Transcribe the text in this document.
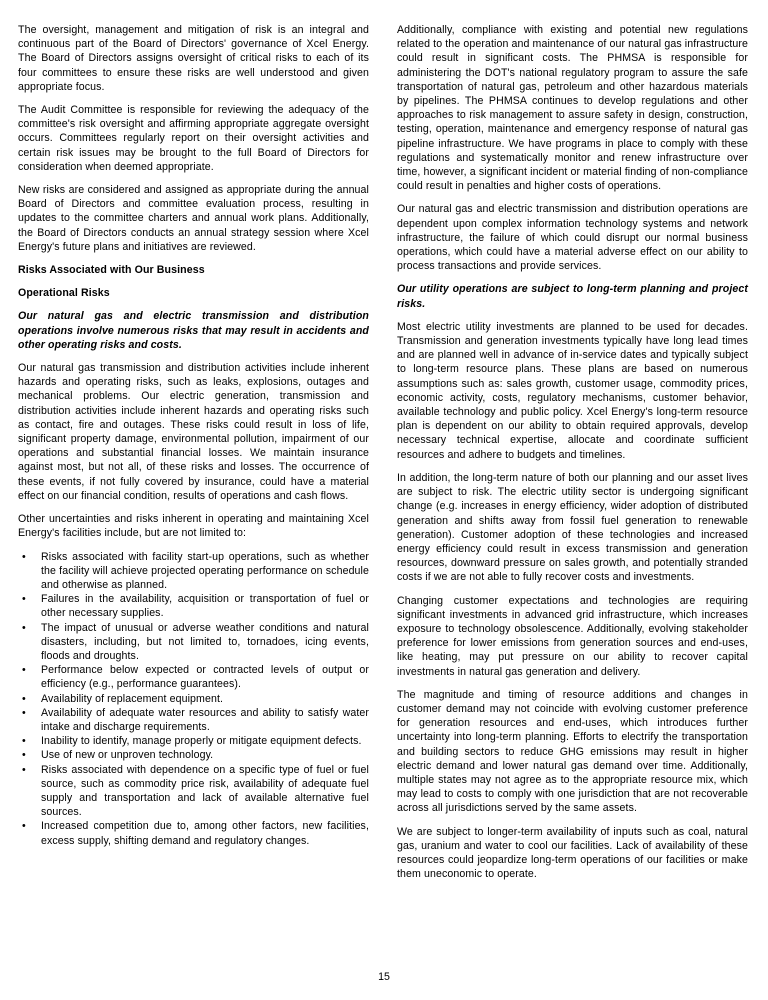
The oversight, management and mitigation of risk is an integral and continuous part of the Board of Directors' governance of Xcel Energy. The Board of Directors assigns oversight of critical risks to each of its four committees to ensure these risks are well understood and given appropriate focus.

The Audit Committee is responsible for reviewing the adequacy of the committee's risk oversight and affirming appropriate aggregate oversight occurs. Committees regularly report on their oversight activities and certain risk issues may be brought to the full Board of Directors for consideration when deemed appropriate.

New risks are considered and assigned as appropriate during the annual Board of Directors and committee evaluation process, resulting in updates to the committee charters and annual work plans. Additionally, the Board of Directors conducts an annual strategy session where Xcel Energy's future plans and initiatives are reviewed.

Risks Associated with Our Business

Operational Risks

Our natural gas and electric transmission and distribution operations involve numerous risks that may result in accidents and other operating risks and costs.

Our natural gas transmission and distribution activities include inherent hazards and operating risks, such as leaks, explosions, outages and mechanical problems. Our electric generation, transmission and distribution activities include inherent hazards and operating risks such as contact, fire and outages. These risks could result in loss of life, significant property damage, environmental pollution, impairment of our operations and substantial financial losses. We maintain insurance against most, but not all, of these risks and losses. The occurrence of these events, if not fully covered by insurance, could have a material effect on our financial condition, results of operations and cash flows.

Other uncertainties and risks inherent in operating and maintaining Xcel Energy's facilities include, but are not limited to:

• Risks associated with facility start-up operations, such as whether the facility will achieve projected operating performance on schedule and otherwise as planned.
• Failures in the availability, acquisition or transportation of fuel or other necessary supplies.
• The impact of unusual or adverse weather conditions and natural disasters, including, but not limited to, tornadoes, icing events, floods and droughts.
• Performance below expected or contracted levels of output or efficiency (e.g., performance guarantees).
• Availability of replacement equipment.
• Availability of adequate water resources and ability to satisfy water intake and discharge requirements.
• Inability to identify, manage properly or mitigate equipment defects.
• Use of new or unproven technology.
• Risks associated with dependence on a specific type of fuel or fuel source, such as commodity price risk, availability of adequate fuel supply and transportation and lack of available alternative fuel sources.
• Increased competition due to, among other factors, new facilities, excess supply, shifting demand and regulatory changes.

Additionally, compliance with existing and potential new regulations related to the operation and maintenance of our natural gas infrastructure could result in significant costs. The PHMSA is responsible for administering the DOT's national regulatory program to assure the safe transportation of natural gas, petroleum and other hazardous materials by pipelines. The PHMSA continues to develop regulations and other approaches to risk management to assure safety in design, construction, testing, operation, maintenance and emergency response of natural gas pipeline infrastructure. We have programs in place to comply with these regulations and systematically monitor and renew infrastructure over time, however, a significant incident or material finding of non-compliance could result in penalties and higher costs of operations.

Our natural gas and electric transmission and distribution operations are dependent upon complex information technology systems and network infrastructure, the failure of which could disrupt our normal business operations, which could have a material adverse effect on our ability to process transactions and provide services.

Our utility operations are subject to long-term planning and project risks.

Most electric utility investments are planned to be used for decades. Transmission and generation investments typically have long lead times and are planned well in advance of in-service dates and typically subject to long-term resource plans. These plans are based on numerous assumptions such as: sales growth, customer usage, commodity prices, economic activity, costs, regulatory mechanisms, customer behavior, available technology and public policy. Xcel Energy's long-term resource plan is dependent on our ability to obtain required approvals, develop necessary technical expertise, allocate and coordinate sufficient resources and adhere to budgets and timelines.

In addition, the long-term nature of both our planning and our asset lives are subject to risk. The electric utility sector is undergoing significant change (e.g. increases in energy efficiency, wider adoption of distributed generation and shifts away from fossil fuel generation to renewable generation). Customer adoption of these technologies and increased energy efficiency could result in excess transmission and generation resources, downward pressure on sales growth, and potentially stranded costs if we are not able to fully recover costs and investments.

Changing customer expectations and technologies are requiring significant investments in advanced grid infrastructure, which increases exposure to technology obsolescence. Additionally, evolving stakeholder preference for lower emissions from generation sources and end-uses, like heating, may put pressure on our ability to recover capital investments in natural gas generation and delivery.

The magnitude and timing of resource additions and changes in customer demand may not coincide with evolving customer preference for generation resources and end-uses, which introduces further uncertainty into long-term planning. Efforts to electrify the transportation and building sectors to reduce GHG emissions may result in higher electric demand and lower natural gas demand over time. Additionally, multiple states may not agree as to the appropriate resource mix, which may lead to costs to comply with one jurisdiction that are not recoverable across all jurisdictions served by the same assets.

We are subject to longer-term availability of inputs such as coal, natural gas, uranium and water to cool our facilities. Lack of availability of these resources could jeopardize long-term operations of our facilities or make them uneconomic to operate.

15
